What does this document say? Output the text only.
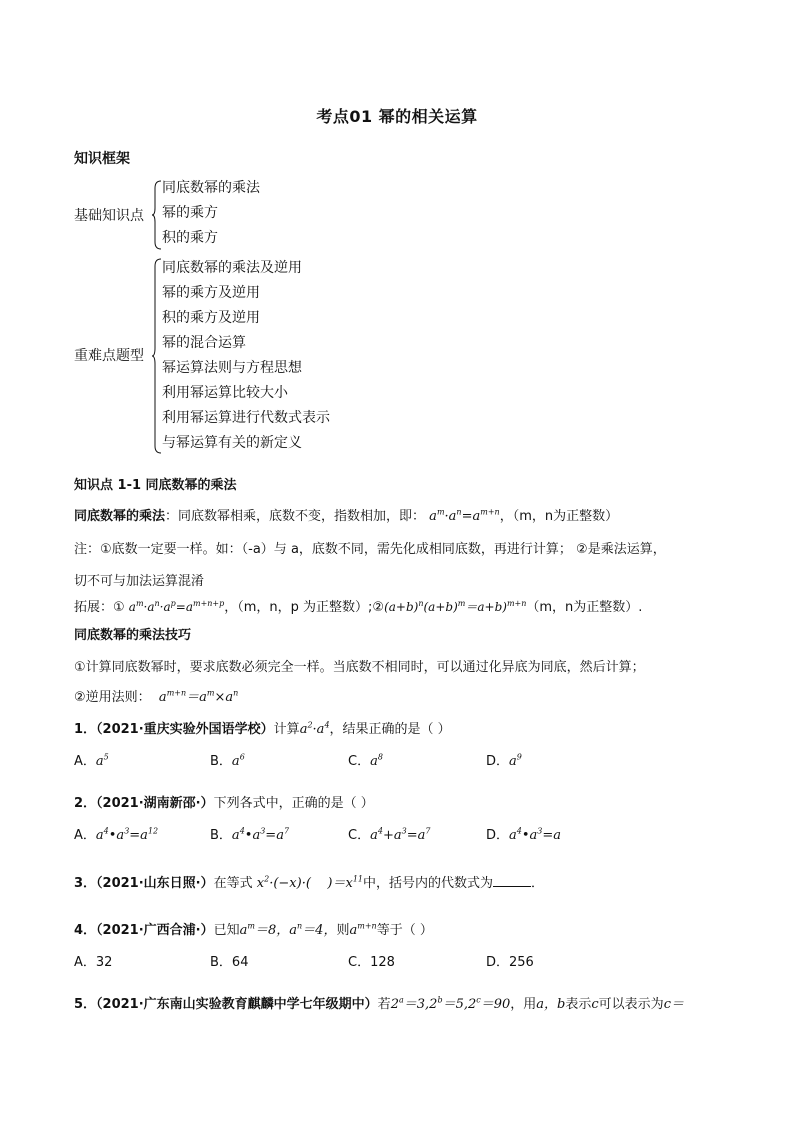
考点01 幂的相关运算
知识框架
基础知识点
同底数幂的乘法
幂的乘方
积的乘方
重难点题型
同底数幂的乘法及逆用
幂的乘方及逆用
积的乘方及逆用
幂的混合运算
幂运算法则与方程思想
利用幂运算比较大小
利用幂运算进行代数式表示
与幂运算有关的新定义
知识点 1-1 同底数幂的乘法
同底数幂的乘法：同底数幂相乘，底数不变，指数相加，即： $a^m\cdot a^n=a^{m+n}$，（m，n为正整数）
注：①底数一定要一样。如：（-a）与 a，底数不同，需先化成相同底数，再进行计算； ②是乘法运算，
切不可与加法运算混淆
拓展：① $a^m\cdot a^n\cdot a^p=a^{m+n+p}$，（m，n，p 为正整数）$;②(a+b)^n(a+b)^m=a+b)^{m+n}(m$，n为正整数）.
同底数幂的乘法技巧
①计算同底数幂时，要求底数必须完全一样。当底数不相同时，可以通过化异底为同底，然后计算；
②逆用法则：  $a^{m+n}=a^m\times a^n$
1．（2021·重庆实验外国语学校）计算$a^2\cdot a^4$，结果正确的是（ ）
A．$a^5$	B．$a^6$	C．$a^8$	D．$a^9$
2．（2021·湖南新邵·）下列各式中，正确的是（ ）
A．$a^4•a^3=a^{12}$	B．$a^4•a^3=a^7$	C．$a^4+a^3=a^7$	D．$a^4•a^3=a$
3．（2021·山东日照·）在等式 $x^2\cdot(-x)\cdot$(    )$=x^{11}$中，括号内的代数式为	．
4．（2021·广西合浦·）已知$a^m=8$，$a^n=4$，则$a^{m+n}$等于（ ）
A．32	B．64	C．128	D．256
5．（2021·广东南山实验教育麒麟中学七年级期中）若$2^a=3,2^b=5,2^c=90$，用a，b表示c可以表示为c＝
